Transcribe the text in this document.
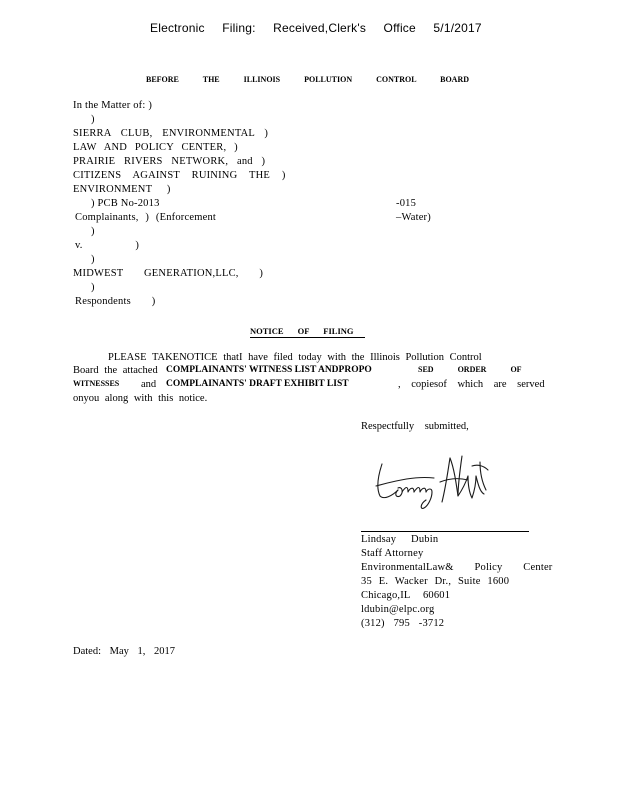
Electronic Filing: Received,Clerk's Office 5/1/2017
BEFORE THE ILLINOIS POLLUTION CONTROL BOARD
In the Matter of: )
)
SIERRA CLUB, ENVIRONMENTAL )
LAW AND POLICY CENTER, )
PRAIRIE RIVERS NETWORK, and )
CITIZENS AGAINST RUINING THE )
ENVIRONMENT )
) PCB No-2013
Complainants, ) (Enforcement
)
v. )
)
MIDWEST GENERATION,LLC, )
)
Respondents )
-015
–Water)
NOTICE OF FILING
PLEASE TAKENOTICE thatI have filed today with the Illinois Pollution Control
Board the attached COMPLAINANTS' WITNESS LIST ANDPROPO	SED ORDER OF
WITNESSES and COMPLAINANTS' DRAFT EXHIBIT LIST	, copiesof which are served
onyou along with this notice.
Respectfully submitted,
Lindsay Dubin
Staff Attorney
EnvironmentalLaw& Policy Center
35 E. Wacker Dr., Suite 1600
Chicago,IL 60601
ldubin@elpc.org
(312) 795 -3712
Dated: May 1, 2017
